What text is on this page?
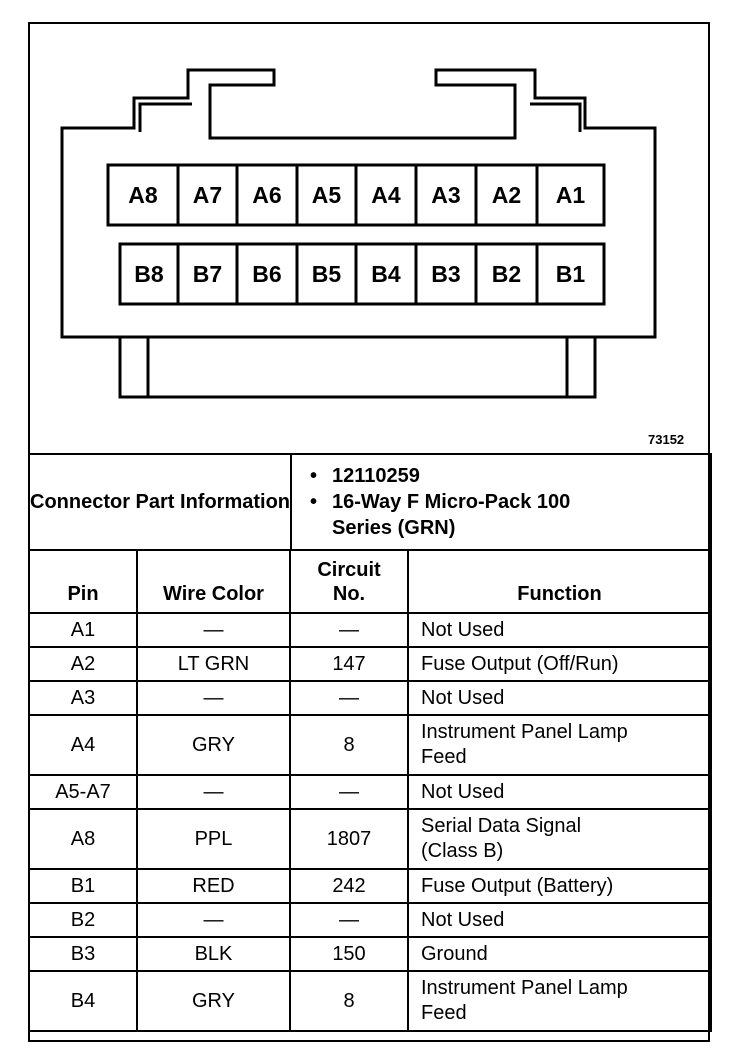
A8 A7 A6 A5 A4 A3 A2 A1
B8 B7 B6 B5 B4 B3 B2 B1
73152
Connector Part Information	
• 12110259
• 16-Way F Micro-Pack 100 Series (GRN)
Pin	Wire Color	Circuit No.	Function
A1	—	—	Not Used
A2	LT GRN	147	Fuse Output (Off/Run)
A3	—	—	Not Used
A4	GRY	8	Instrument Panel Lamp Feed
A5-A7	—	—	Not Used
A8	PPL	1807	Serial Data Signal (Class B)
B1	RED	242	Fuse Output (Battery)
B2	—	—	Not Used
B3	BLK	150	Ground
B4	GRY	8	Instrument Panel Lamp Feed
